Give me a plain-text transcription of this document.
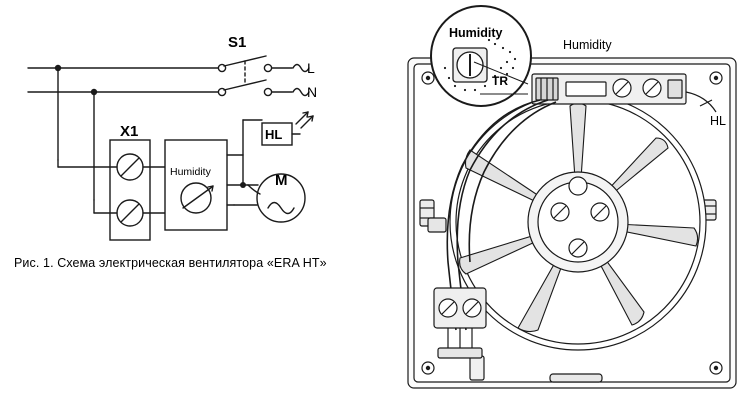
S1
L
N
X1	HL
M
Humidity
Рис. 1. Схема электрическая вентилятора «ERA HT»
Humidity
TR
Humidity
HL
